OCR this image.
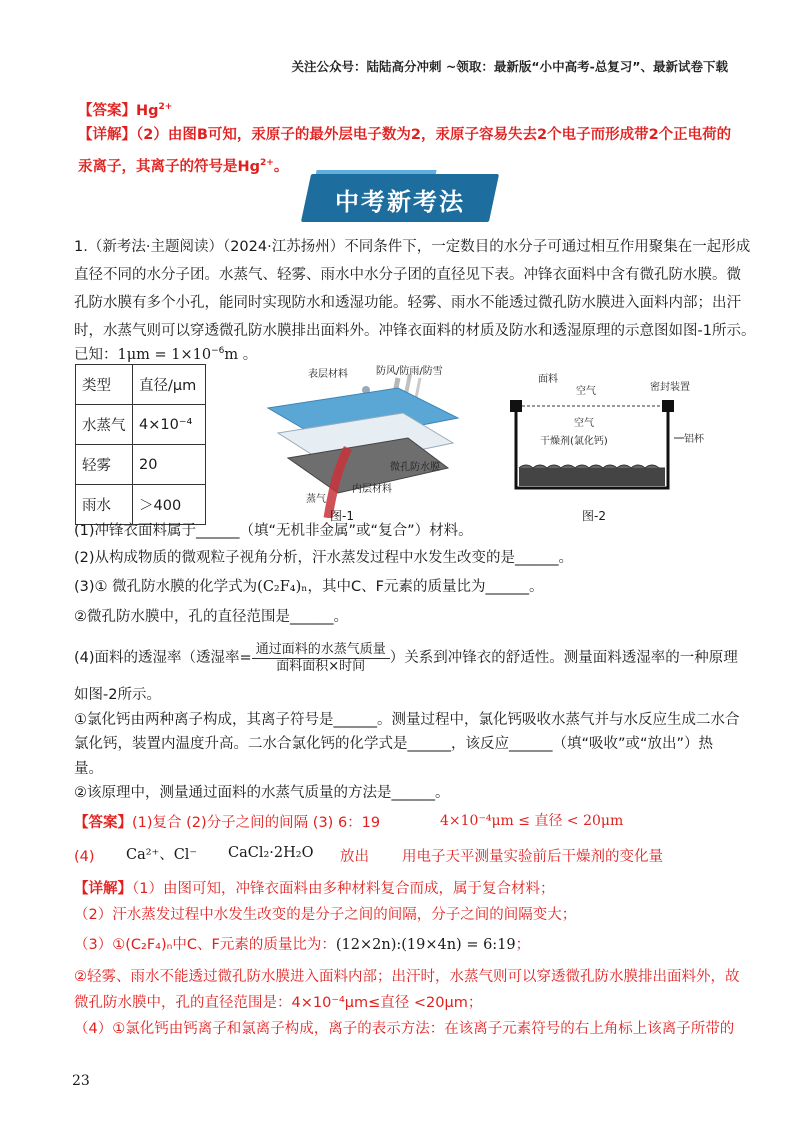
关注公众号：陆陆高分冲刺 ~领取：最新版“小中高考-总复习”、最新试卷下载
【答案】$Hg^{2+}$
【详解】（2）由图B可知，汞原子的最外层电子数为2，汞原子容易失去2个电子而形成带2个正电荷的
汞离子，其离子的符号是$Hg^{2+}$。
中考新考法
1.（新考法·主题阅读）（2024·江苏扬州）不同条件下，一定数目的水分子可通过相互作用聚集在一起形成
直径不同的水分子团。水蒸气、轻雾、雨水中水分子团的直径见下表。冲锋衣面料中含有微孔防水膜。微
孔防水膜有多个小孔，能同时实现防水和透湿功能。轻雾、雨水不能透过微孔防水膜进入面料内部；出汗
时，水蒸气则可以穿透微孔防水膜排出面料外。冲锋衣面料的材质及防水和透湿原理的示意图如图-1所示。
已知：$1\mu m = 1\times 10^{-6}m$ 。
类型	直径/μm
水蒸气	4×10⁻⁴
轻雾	20
雨水	＞400
表层材料	防风/防雨/防雪
微孔防水膜
内层材料
蒸气
图-1
面料
空气	密封装置
空气
干燥剂(氯化钙)	铝杯
图-2
(1)冲锋衣面料属于______（填“无机非金属”或“复合”）材料。
(2)从构成物质的微观粒子视角分析，汗水蒸发过程中水发生改变的是______。
(3)① 微孔防水膜的化学式为(C₂F₄)ₙ，其中C、F元素的质量比为______。
②微孔防水膜中，孔的直径范围是______。
(4)面料的透湿率（透湿率= $\frac{\text{通过面料的水蒸气质量}}{\text{面料面积×时间}}$ ）关系到冲锋衣的舒适性。测量面料透湿率的一种原理
如图-2所示。
①氯化钙由两种离子构成，其离子符号是______。测量过程中，氯化钙吸收水蒸气并与水反应生成二水合
氯化钙，装置内温度升高。二水合氯化钙的化学式是______，该反应______（填“吸收”或“放出”）热
量。
②该原理中，测量通过面料的水蒸气质量的方法是______。
【答案】(1)复合 (2)分子之间的间隔 (3) 6：19	4×10⁻⁴μm ≤ 直径 < 20μm
(4) Ca²⁺、Cl⁻ CaCl₂·2H₂O 放出 用电子天平测量实验前后干燥剂的变化量
【详解】（1）由图可知，冲锋衣面料由多种材料复合而成，属于复合材料；
（2）汗水蒸发过程中水发生改变的是分子之间的间隔，分子之间的间隔变大；
（3）①(C₂F₄)ₙ中C、F元素的质量比为：(12×2n):(19×4n) = 6:19；
②轻雾、雨水不能透过微孔防水膜进入面料内部；出汗时，水蒸气则可以穿透微孔防水膜排出面料外，故
微孔防水膜中，孔的直径范围是：4×10⁻⁴μm≤直径 <20μm；
（4）①氯化钙由钙离子和氯离子构成，离子的表示方法：在该离子元素符号的右上角标上该离子所带的
23
